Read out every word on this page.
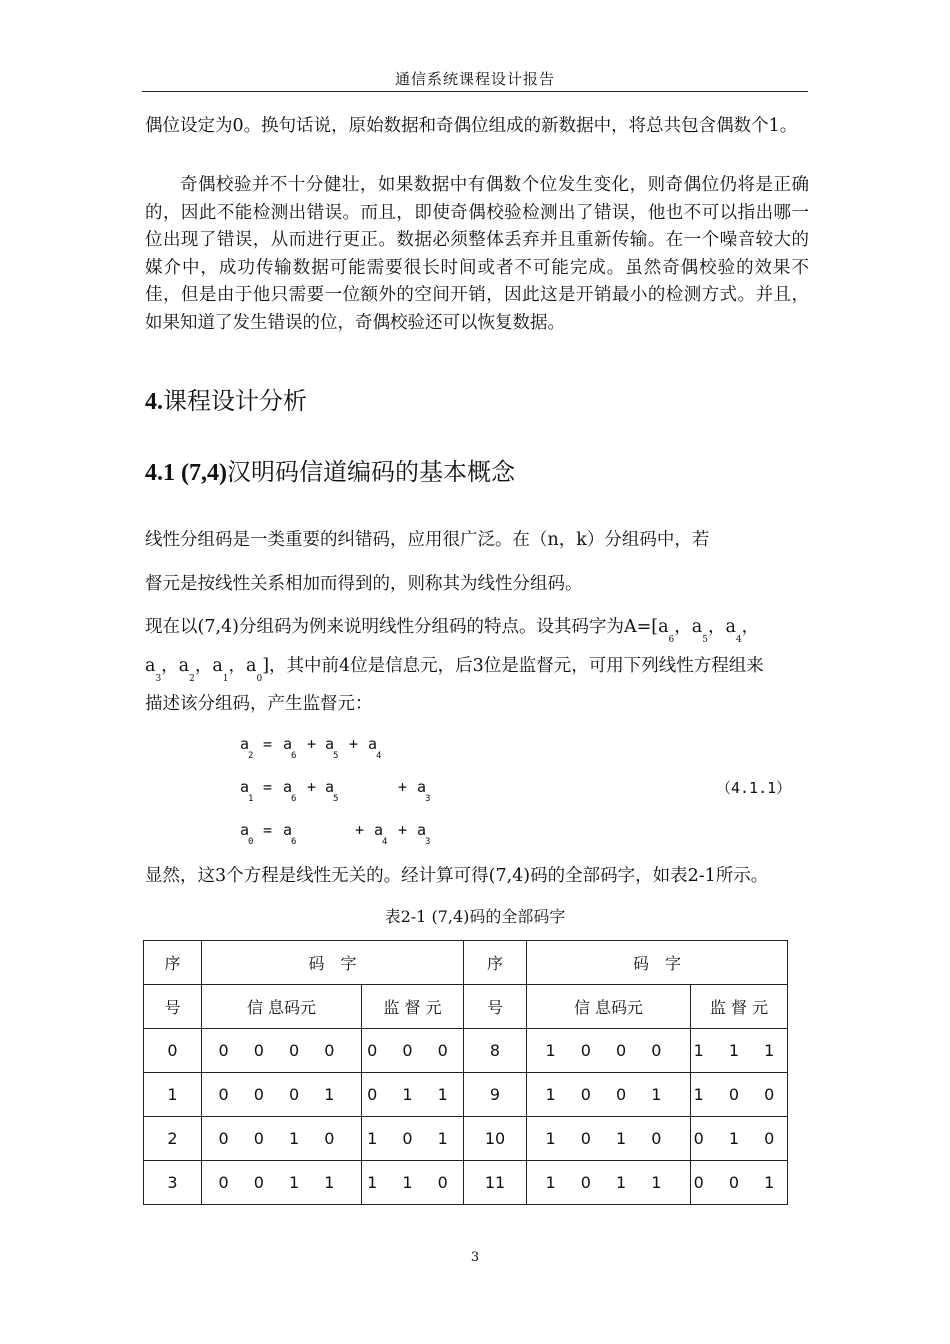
通信系统课程设计报告
偶位设定为0。换句话说，原始数据和奇偶位组成的新数据中，将总共包含偶数个1。
奇偶校验并不十分健壮，如果数据中有偶数个位发生变化，则奇偶位仍将是正确的，因此不能检测出错误。而且，即使奇偶校验检测出了错误，他也不可以指出哪一位出现了错误，从而进行更正。数据必须整体丢弃并且重新传输。在一个噪音较大的媒介中，成功传输数据可能需要很长时间或者不可能完成。虽然奇偶校验的效果不佳，但是由于他只需要一位额外的空间开销，因此这是开销最小的检测方式。并且，如果知道了发生错误的位，奇偶校验还可以恢复数据。
4.课程设计分析
4.1 (7,4)汉明码信道编码的基本概念
线性分组码是一类重要的纠错码，应用很广泛。在（n，k）分组码中，若
督元是按线性关系相加而得到的，则称其为线性分组码。
现在以(7,4)分组码为例来说明线性分组码的特点。设其码字为$A=[a_6$，$a_5$，$a_4$，
$a_3$，$a_2$，$a_1$，$a_0$]，其中前4位是信息元，后3位是监督元，可用下列线性方程组来
描述该分组码，产生监督元：
a
2
= a
6
+ a
5
+ a
4
a
1
= a
6
+ a
5
+ a
3
（4.1.1）
a
0
= a
6
+ a
4
+ a
3
显然，这3个方程是线性无关的。经计算可得(7,4)码的全部码字，如表2-1所示。
表2-1 (7,4)码的全部码字
序	码　字		序	码　字	
号	信 息码元	监 督 元	号	信 息码元	监 督 元
0	0 0 0 0	0 0 0	8	1 0 0 0	1 1 1
1	0 0 0 1	0 1 1	9	1 0 0 1	1 0 0
2	0 0 1 0	1 0 1	10	1 0 1 0	0 1 0
3	0 0 1 1	1 1 0	11	1 0 1 1	0 0 1
3
